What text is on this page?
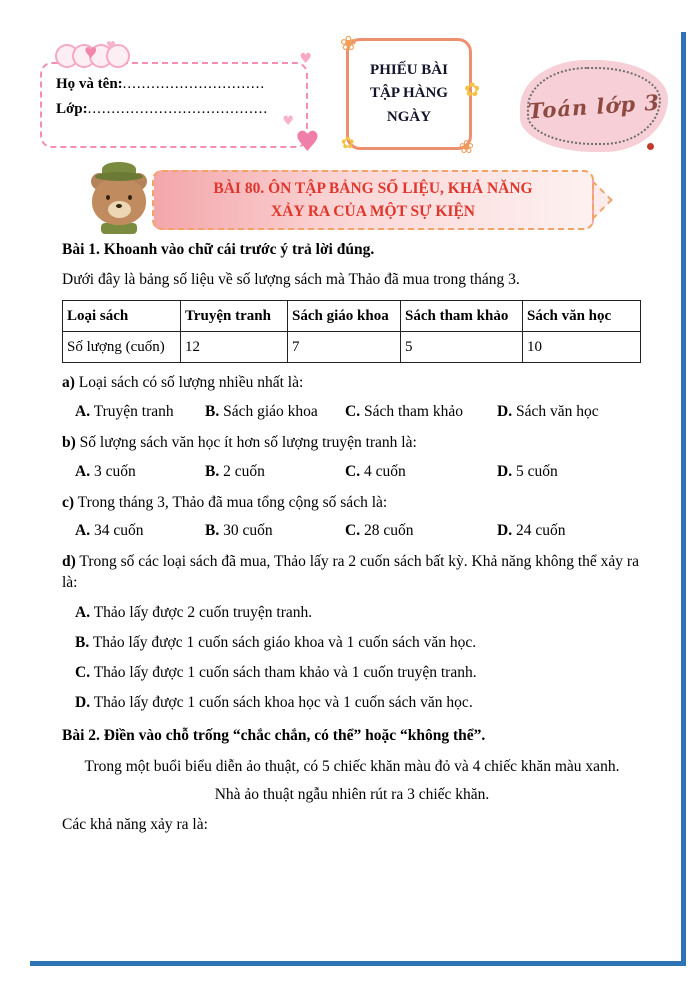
♥ ♥
♥
♥
♥
Họ và tên:..............................
Lớp:......................................
❀
✿
✿	❀
PHIẾU BÀI TẬP HÀNG NGÀY	Toán lớp 3
BÀI 80. ÔN TẬP BẢNG SỐ LIỆU, KHẢ NĂNG
XẢY RA CỦA MỘT SỰ KIỆN
Bài 1. Khoanh vào chữ cái trước ý trả lời đúng.
Dưới đây là bảng số liệu về số lượng sách mà Thảo đã mua trong tháng 3.
Loại sách	Truyện tranh	Sách giáo khoa	Sách tham khảo	Sách văn học
Số lượng (cuốn)	12	7	5	10
a) Loại sách có số lượng nhiều nhất là:
A. Truyện tranh	B. Sách giáo khoa	C. Sách tham khảo	D. Sách văn học
b) Số lượng sách văn học ít hơn số lượng truyện tranh là:
A. 3 cuốn	B. 2 cuốn	C. 4 cuốn	D. 5 cuốn
c) Trong tháng 3, Thảo đã mua tổng cộng số sách là:
A. 34 cuốn	B. 30 cuốn	C. 28 cuốn	D. 24 cuốn
d) Trong số các loại sách đã mua, Thảo lấy ra 2 cuốn sách bất kỳ. Khả năng không thể xảy ra là:
A. Thảo lấy được 2 cuốn truyện tranh.
B. Thảo lấy được 1 cuốn sách giáo khoa và 1 cuốn sách văn học.
C. Thảo lấy được 1 cuốn sách tham khảo và 1 cuốn truyện tranh.
D. Thảo lấy được 1 cuốn sách khoa học và 1 cuốn sách văn học.
Bài 2. Điền vào chỗ trống “chắc chắn, có thể” hoặc “không thể”.
Trong một buổi biểu diễn ảo thuật, có 5 chiếc khăn màu đỏ và 4 chiếc khăn màu xanh. Nhà ảo thuật ngẫu nhiên rút ra 3 chiếc khăn.
Các khả năng xảy ra là:
